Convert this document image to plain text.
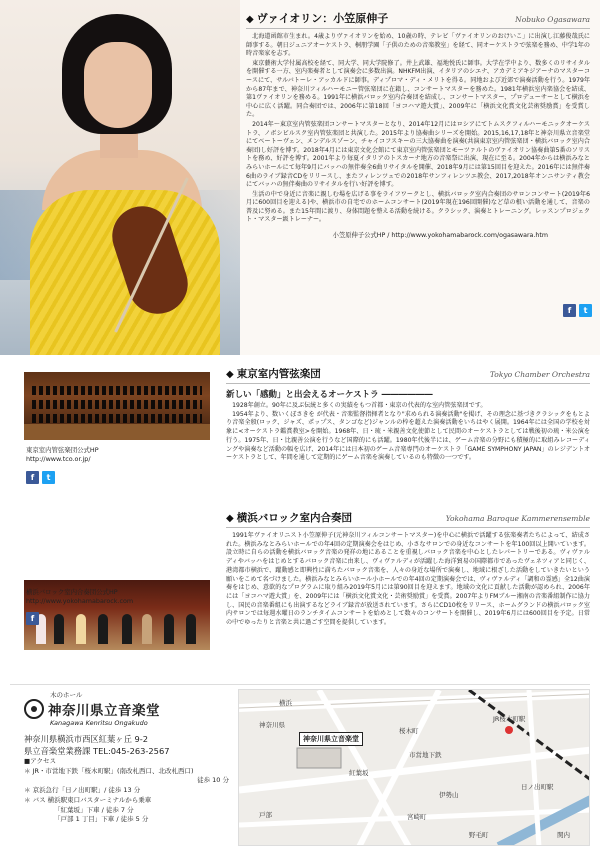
◆ ヴァイオリン：小笠原伸子	Nobuko Ogasawara

北海道函館市生まれ。4歳よりヴァイオリンを始め、10歳の時、テレビ「ヴァイオリンのおけいこ」に出演し江藤俊哉氏に師事する。朝日ジュニアオーケストラ、桐朋学園「子供のための音楽教室」を経て、同オーケストラで弦楽を務め、中学1年の時音楽家を志す。

東京藝術大学付属高校を経て、同大学、同大学院修了。井上武雄、福地悦氏に師事。大学在学中より、数多くのリサイタルを開催する一方、室内楽奏者として演奏会に多数出演。NHKFM出演、イタリアのシエナ、アカデミアキジアーナのマスターコースにて、サルバトーレ・アッカルドに師事。ディプロマ・ディ・メリトを得る。同地および近郊で演奏活動を行う。1979年から87年まで、神奈川フィルハーモニー管弦楽団に在籍し、コンサートマスターを務めた。1981年横浜室内楽協会を結成、第1ヴァイオリンを務める。1991年に横浜バロック室内合奏団を結成し、コンサートマスター、プロデューサーとして横浜を中心に広く活躍。同合奏団では、2006年に第18回「ヨコハマ遊大賞」、2009年に「横浜文化賞文化芸術奨励賞」を受賞した。

2014年〜東京室内管弦楽団コンサートマスターとなり、2014年12月にはロシアにてトムスクフィルハーモニックオーケストラ、ノボシビルスク室内管弦楽団と共演した。2015年より協奏曲シリーズを開始。2015,16,17,18年と神奈川県立音楽堂にてベートーヴェン、メンデルスゾーン、チャイコフスキーの三大協奏曲を演奏(共演東京室内管弦楽団・横浜バロック室内合奏団)し好評を博す。2018年4月には東京文化会館にて東京室内管弦楽団とモーツァルトのヴァイオリン協奏曲第5番のソリストを務め、好評を博す。2001年より毎夏イタリアのトスカーナ地方の音楽祭に出演、現在に至る。2004年からは横浜みなとみらいホールにて毎年9月にバッハの無伴奏全6曲リサイタルを開催、2018年9月には第15回目を迎えた。2016年には無伴奏6曲のライブ録音CDをリリースし、またフィレンツェでの2018年サンフィレンツエ教会、2017,2018年オンニサンティ教会にてバッハの無伴奏曲のリサイタルを行い好評を博す。

生活の中で身近に音楽に親しむ場を広げる事をライフワークとし、横浜バロック室内合奏団のサロンコンサート(2019年6月に600回目を迎える)や、横浜市の自宅でのホームコンサート(2019年現在196回開催)など草の根い活動を通して、音楽の普及に努める。また15年間に渡り、身体問題を整える活動を続ける。クラシック、演奏とトレーニング。レッスンプロジェクト・マスター級トレーナー。

小笠原伸子公式HP / http://www.yokohamabarock.com/ogasawara.htm
f	t
東京室内管弦楽団公式HP
http://www.tco.or.jp/
f	t
◆ 東京室内管弦楽団	Tokyo Chamber Orchestra
新しい「感動」と出会えるオーケストラ ――――――

1928年創立。90年に及ぶ伝統と多くの実績をもつ首都・東京の代表的な室内管弦楽団です。

1954年より、数いくぼさきを が代表・音楽監督指揮者となり"求められる演奏活動"を掲げ、その理念に基づきクラシックをもとより音楽全般(ロック、ジャズ、ポップス、タンゴなど)ジャンルの枠を超えた演奏活動をいちはやく展開。1964年には全国の学校を対象に<オーケストラ鑑賞教室>を開始。1968年、日・琉・米親善文化使節として民間のオーケストラとしては戦後初の琉・米公演を行う。1975年、日・比親善公演を行うなど国際的にも活躍。1980年代後半には、ゲーム音楽の分野にも積極的に取組みレコーディングや演奏など活動の幅を広げ、2014年には日本初のゲーム音楽専門のオーケストラ「GAME SYMPHONY JAPAN」のレジデントオーケストラとして、年間を通して定期的にゲーム音楽を演奏しているのも特徴の一つです。

横浜バロック室内合奏団公式HP
http://www.yokohamabarock.com
f
◆ 横浜バロック室内合奏団	Yokohama Baroque Kammerensemble

1991年ヴァイオリニスト小笠原伸子(元神奈川フィルコンサートマスター)を中心に横浜で活躍する弦楽奏者たちによって、結成された。横浜みなとみらいホールでの年4回の定期演奏会をはじめ、小さなサロンでの身近なコンサートを年100回以上開いています。設立時に自らの活動を横浜バロック音楽の発祥の地にあることを重視しバロック音楽を中心としたレパートリーである。ヴィヴァルディやバッハをはじめとするバロック音楽に由来し、ヴィヴァルディが活躍した海洋貿易の国際都市であったヴェネツィアと同じく、港湾都市横浜で、躍動感と即興性に満ちたバロック音楽を、人々の身近な場所で演奏し、地域に根ざした活動をしていきたいという願いをこめて名づけました。横浜みなとみらいホール小ホールでの年4回の定期演奏会では、ヴィヴァルディ「調和の霊感」全12曲演奏をはじめ、意欲的なプログラムに取り組み2019年5月には第90回目を迎えます。地域の文化に貢献した活動が認められ、2006年には「ヨコハマ遊大賞」を、2009年には「横浜文化賞文化・芸術奨励賞」を受賞。2007年よりFMブルー湘南の音楽番組制作に協力し、国民の音楽番組にも出演するなどライブ録音が放送されています。さらにCD10枚をリリース、ホームグランドの横浜バロック室内サロンでは毎週水曜日のランチタイムコンサートを始めとして数々のコンサートを開催し、2019年6月には600回目を予定。日常の中でゆったりと音楽と共に過ごす空間を提供しています。

木のホール
神奈川県立音楽堂
Kanagawa Kenritsu Ongakudo
神奈川県横浜市西区紅葉ヶ丘 9-2
県立音楽堂業務課 TEL:045-263-2567
■アクセス
＊ JR・市営地下鉄「桜木町駅」(南改札西口、北改札西口)
徒歩 10 分
＊ 京浜急行「日ノ出町駅」/ 徒歩 13 分
＊ バス 横浜駅東口バスターミナルから乗車
「紅葉坂」下車 / 徒歩 7 分
「戸部 1 丁目」下車 / 徒歩 5 分
神奈川県立音楽堂
横浜
神奈川県
桜木町
JR桜木町駅
日ノ出町駅
紅葉坂
戸部	宮崎町
伊勢山
野毛町
市営地下鉄
関内
